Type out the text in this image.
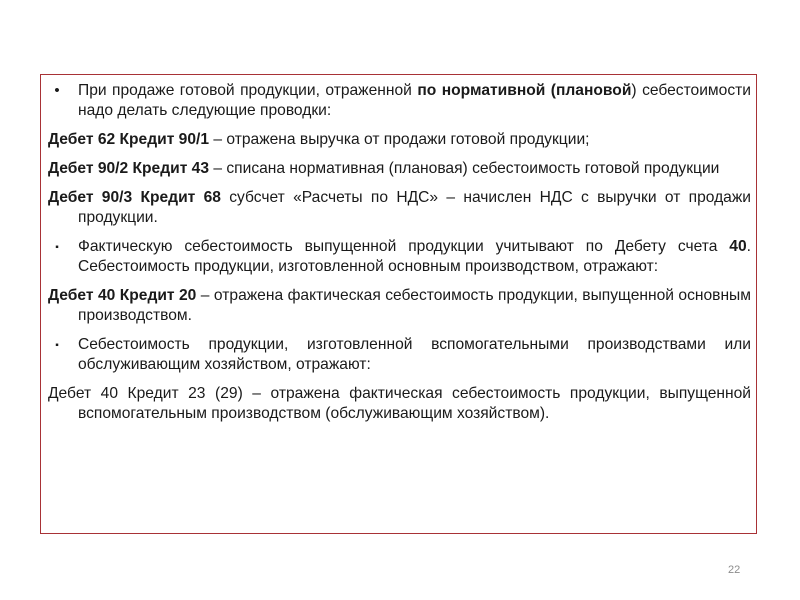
•	При продаже готовой продукции, отраженной по нормативной (плановой) себестоимости надо делать следующие проводки:

Дебет 62 Кредит 90/1 – отражена выручка от продажи готовой продукции;

Дебет 90/2 Кредит 43 – списана нормативная (плановая) себестоимость готовой продукции

Дебет 90/3 Кредит 68 субсчет «Расчеты по НДС» – начислен НДС с выручки от продажи продукции.

▪	Фактическую себестоимость выпущенной продукции учитывают по Дебету счета 40. Себестоимость продукции, изготовленной основным производством, отражают:

Дебет 40 Кредит 20 – отражена фактическая себестоимость продукции, выпущенной основным производством.

▪	Себестоимость продукции, изготовленной вспомогательными производствами или обслуживающим хозяйством, отражают:

Дебет 40 Кредит 23 (29) – отражена фактическая себестоимость продукции, выпущенной вспомогательным производством (обслуживающим хозяйством).

22
